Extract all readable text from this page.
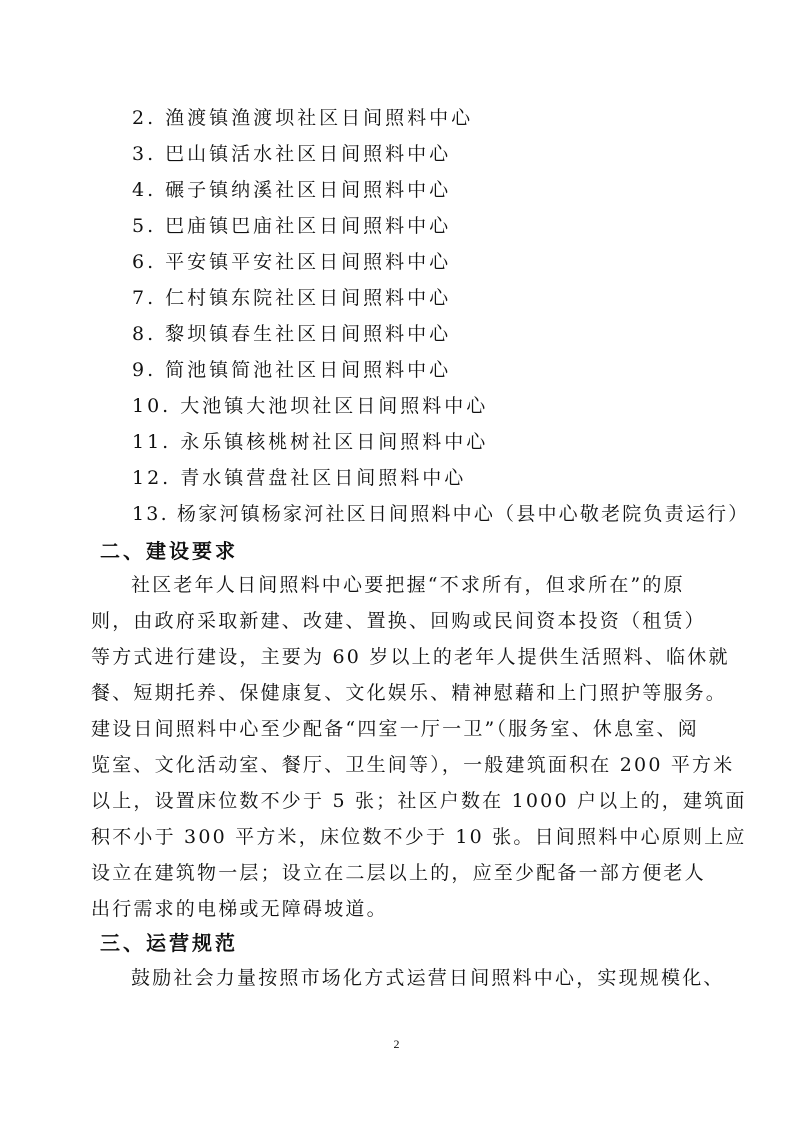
2. 渔渡镇渔渡坝社区日间照料中心
3. 巴山镇活水社区日间照料中心
4. 碾子镇纳溪社区日间照料中心
5. 巴庙镇巴庙社区日间照料中心
6. 平安镇平安社区日间照料中心
7. 仁村镇东院社区日间照料中心
8. 黎坝镇春生社区日间照料中心
9. 简池镇简池社区日间照料中心
10. 大池镇大池坝社区日间照料中心
11. 永乐镇核桃树社区日间照料中心
12. 青水镇营盘社区日间照料中心
13. 杨家河镇杨家河社区日间照料中心（县中心敬老院负责运行）
二、建设要求
社区老年人日间照料中心要把握“不求所有，但求所在”的原
则，由政府采取新建、改建、置换、回购或民间资本投资（租赁）
等方式进行建设，主要为 60 岁以上的老年人提供生活照料、临休就
餐、短期托养、保健康复、文化娱乐、精神慰藉和上门照护等服务。
建设日间照料中心至少配备“四室一厅一卫”（服务室、休息室、阅
览室、文化活动室、餐厅、卫生间等），一般建筑面积在 200 平方米
以上，设置床位数不少于 5 张；社区户数在 1000 户以上的，建筑面
积不小于 300 平方米，床位数不少于 10 张。日间照料中心原则上应
设立在建筑物一层；设立在二层以上的，应至少配备一部方便老人
出行需求的电梯或无障碍坡道。
三、运营规范
鼓励社会力量按照市场化方式运营日间照料中心，实现规模化、
2
